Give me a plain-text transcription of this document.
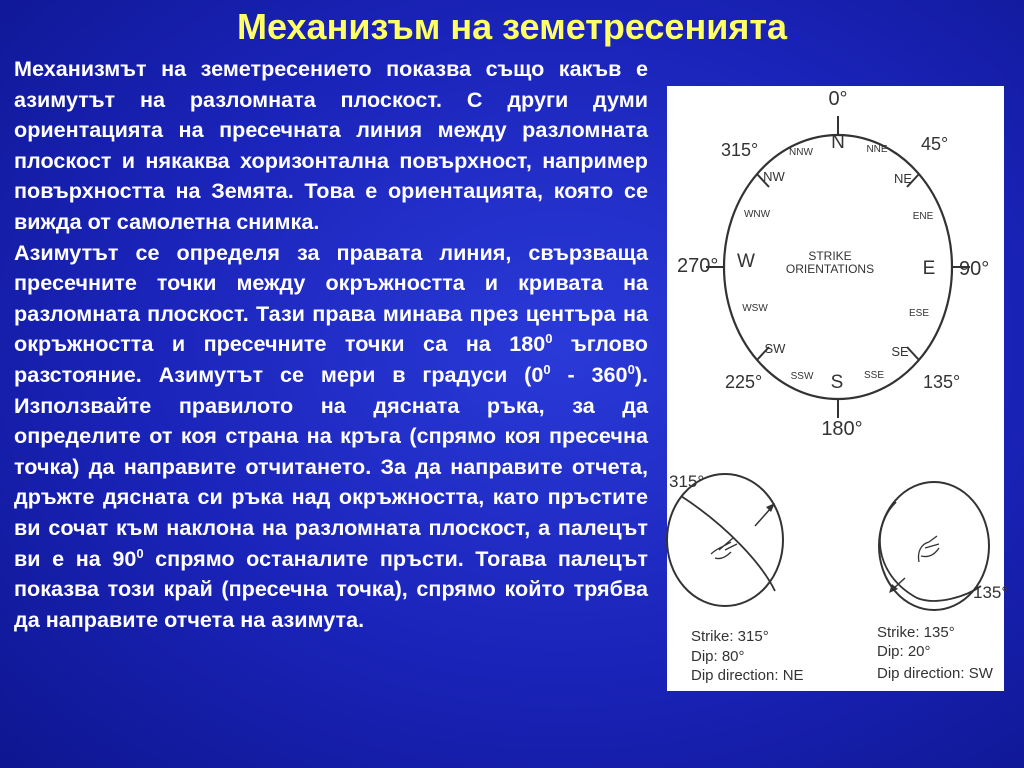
Механизъм на земетресенията

Механизмът на земетресението показва също какъв е азимутът на разломната плоскост. С други думи ориентацията на пресечната линия между разломната плоскост и някаква хоризонтална повърхност, например повърхността на Земята. Това е ориентацията, която се вижда от самолетна снимка.

Азимутът се определя за правата линия, свързваща пресечните точки между окръжността и кривата на разломната плоскост. Тази права минава през центъра на окръжността и пресечните точки са на $180^0$ ъглово разстояние. Азимутът се мери в градуси $(0^0 - 360^0)$. Използвайте правилото на дясната ръка, за да определите от коя страна на кръга (спрямо коя пресечна точка) да направите отчитането. За да направите отчета, дръжте дясната си ръка над окръжността, като пръстите ви сочат към наклона на разломната плоскост, а палецът ви е на $90^0$ спрямо останалите пръсти. Тогава палецът показва този край (пресечна точка), спрямо който трябва да направите отчета на азимута.

0°
45°
90°
135°
180°
225°
270°
315°	N
S
E
W
NE
NW
SE
SW
NNE
NNW
ENE
WNW
ESE
WSW
SSE
SSW
STRIKE
ORIENTATIONS
315°
Strike: 315°
Dip: 80°
Dip direction: NE
135°
Strike: 135°
Dip: 20°
Dip direction: SW
